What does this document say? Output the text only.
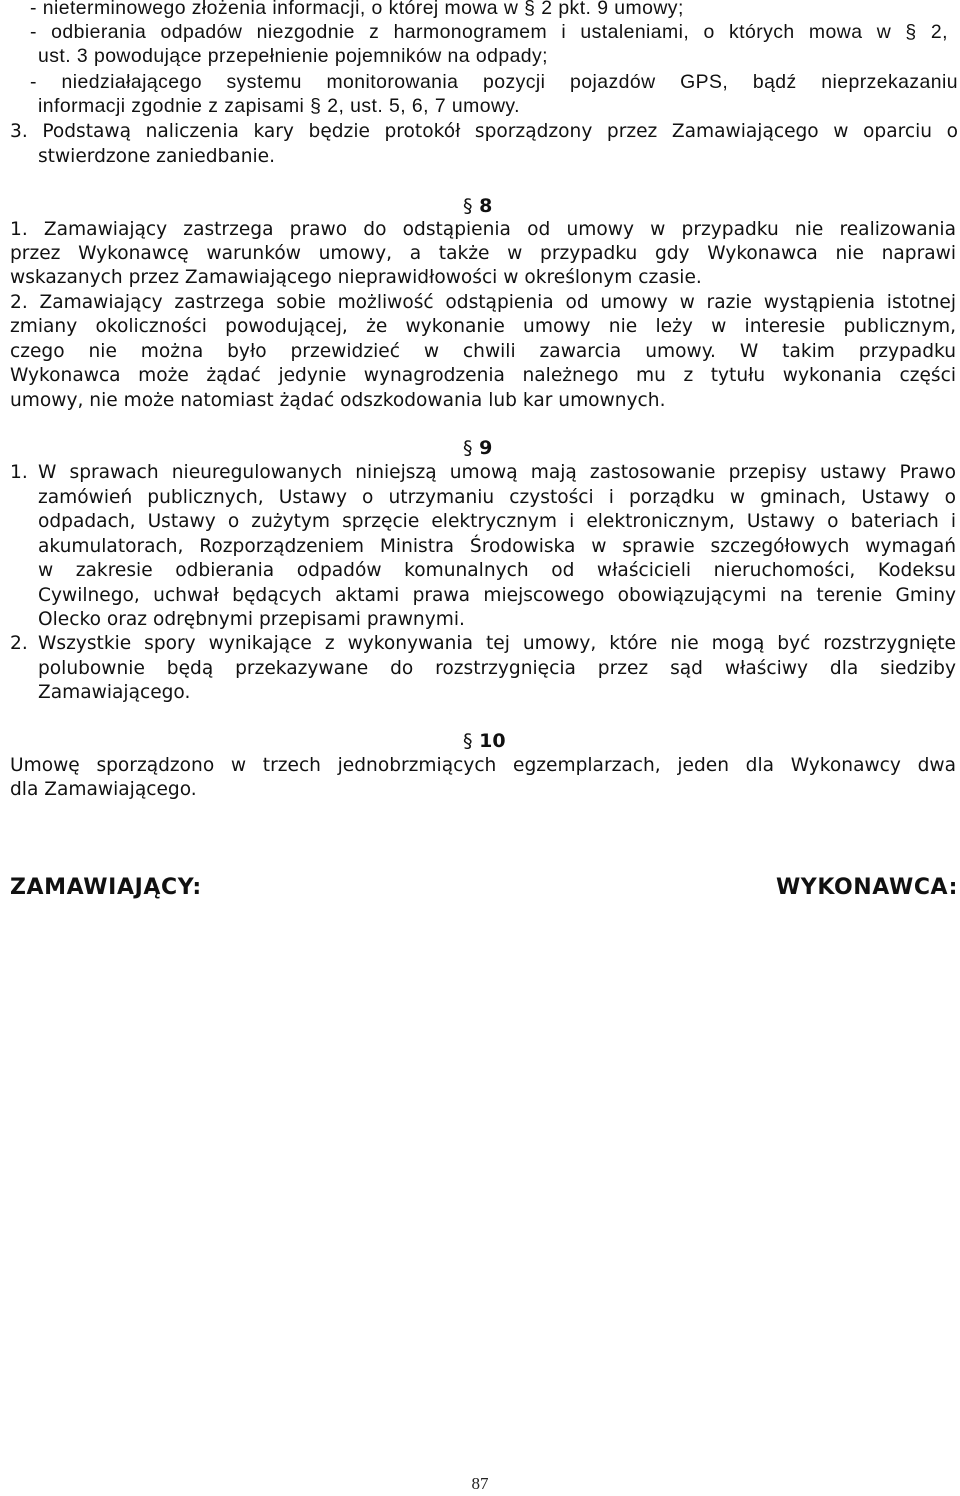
- nieterminowego złożenia informacji, o której mowa w § 2 pkt. 9 umowy;
- odbierania odpadów niezgodnie z harmonogramem i ustaleniami, o których mowa w § 2,
ust. 3 powodujące przepełnienie pojemników na odpady;
- niedziałającego systemu monitorowania pozycji pojazdów GPS, bądź nieprzekazaniu
informacji zgodnie z zapisami § 2, ust. 5, 6, 7 umowy.
3. Podstawą naliczenia kary będzie protokół sporządzony przez Zamawiającego w oparciu o
stwierdzone zaniedbanie.
§ 8
1. Zamawiający zastrzega prawo do odstąpienia od umowy w przypadku nie realizowania
przez Wykonawcę warunków umowy, a także w przypadku gdy Wykonawca nie naprawi
wskazanych przez Zamawiającego nieprawidłowości w określonym czasie.
2. Zamawiający zastrzega sobie możliwość odstąpienia od umowy w razie wystąpienia istotnej
zmiany okoliczności powodującej, że wykonanie umowy nie leży w interesie publicznym,
czego nie można było przewidzieć w chwili zawarcia umowy. W takim przypadku
Wykonawca może żądać jedynie wynagrodzenia należnego mu z tytułu wykonania części
umowy, nie może natomiast żądać odszkodowania lub kar umownych.
§ 9
1. W sprawach nieuregulowanych niniejszą umową mają zastosowanie przepisy ustawy Prawo
zamówień publicznych, Ustawy o utrzymaniu czystości i porządku w gminach, Ustawy o
odpadach, Ustawy o zużytym sprzęcie elektrycznym i elektronicznym, Ustawy o bateriach i
akumulatorach, Rozporządzeniem Ministra Środowiska w sprawie szczegółowych wymagań
w zakresie odbierania odpadów komunalnych od właścicieli nieruchomości, Kodeksu
Cywilnego, uchwał będących aktami prawa miejscowego obowiązującymi na terenie Gminy
Olecko oraz odrębnymi przepisami prawnymi.
2. Wszystkie spory wynikające z wykonywania tej umowy, które nie mogą być rozstrzygnięte
polubownie będą przekazywane do rozstrzygnięcia przez sąd właściwy dla siedziby
Zamawiającego.
§ 10
Umowę sporządzono w trzech jednobrzmiących egzemplarzach, jeden dla Wykonawcy dwa
dla Zamawiającego.
ZAMAWIAJĄCY:	WYKONAWCA:
87
